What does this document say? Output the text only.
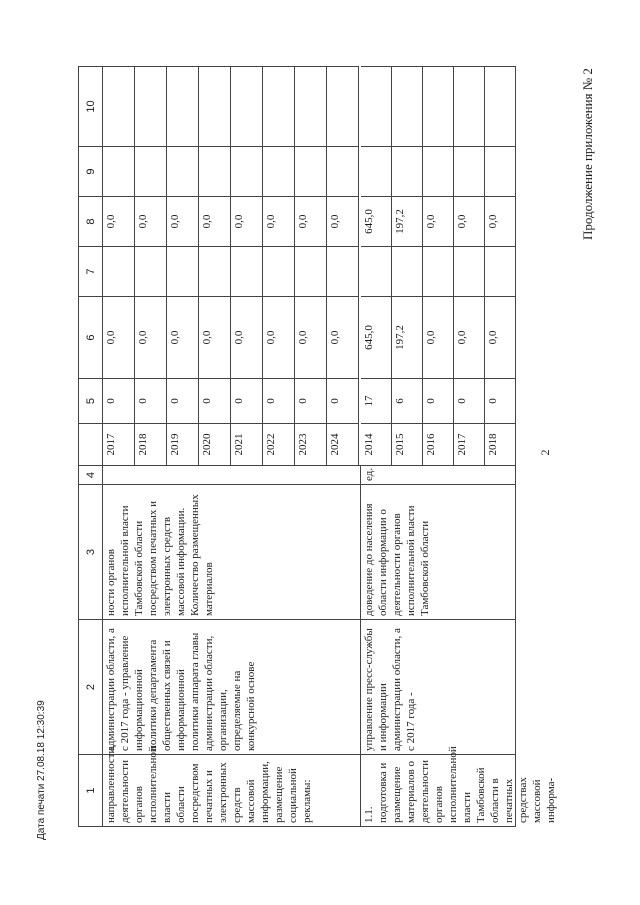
2
Продолжение приложения № 2
Дата печати 27.08.18 12:30:39	1
2
3
4
5
6
7
8
9
направленности, деятельности органов исполнительной власти области посредством печатных и электронных средств массовой информации, размещение социальной рекламы:
администрации области, а с 2017 года - управление информационной политики департамента общественных связей и информационной политики аппарата главы администрации области, организации, определяемые на конкурсной основе
ности органов исполнительной власти Тамбовской области посредством печатных и электронных средств массовой информации. Количество размещенных материалов
1.1. подготовка и размещение материалов о деятельности органов исполнительной власти Тамбовской области в печатных средствах массовой информа-
управление пресс-службы и информации администрации области, а с 2017 года -
доведение до населения области информации о деятельности органов исполнительной власти Тамбовской области
ед.
10
2017
0
0,0
0,0
2018
0
0,0
0,0
2019
0
0,0
0,0
2020
0
0,0
0,0
2021
0
0,0
0,0
2022
0
0,0
0,0
2023
0
0,0
0,0
2024
0
0,0
0,0
2014
17
645,0
645,0
2015
6
197,2
197,2
2016
0
0,0
0,0
2017
0
0,0
0,0
2018
0
0,0
0,0
